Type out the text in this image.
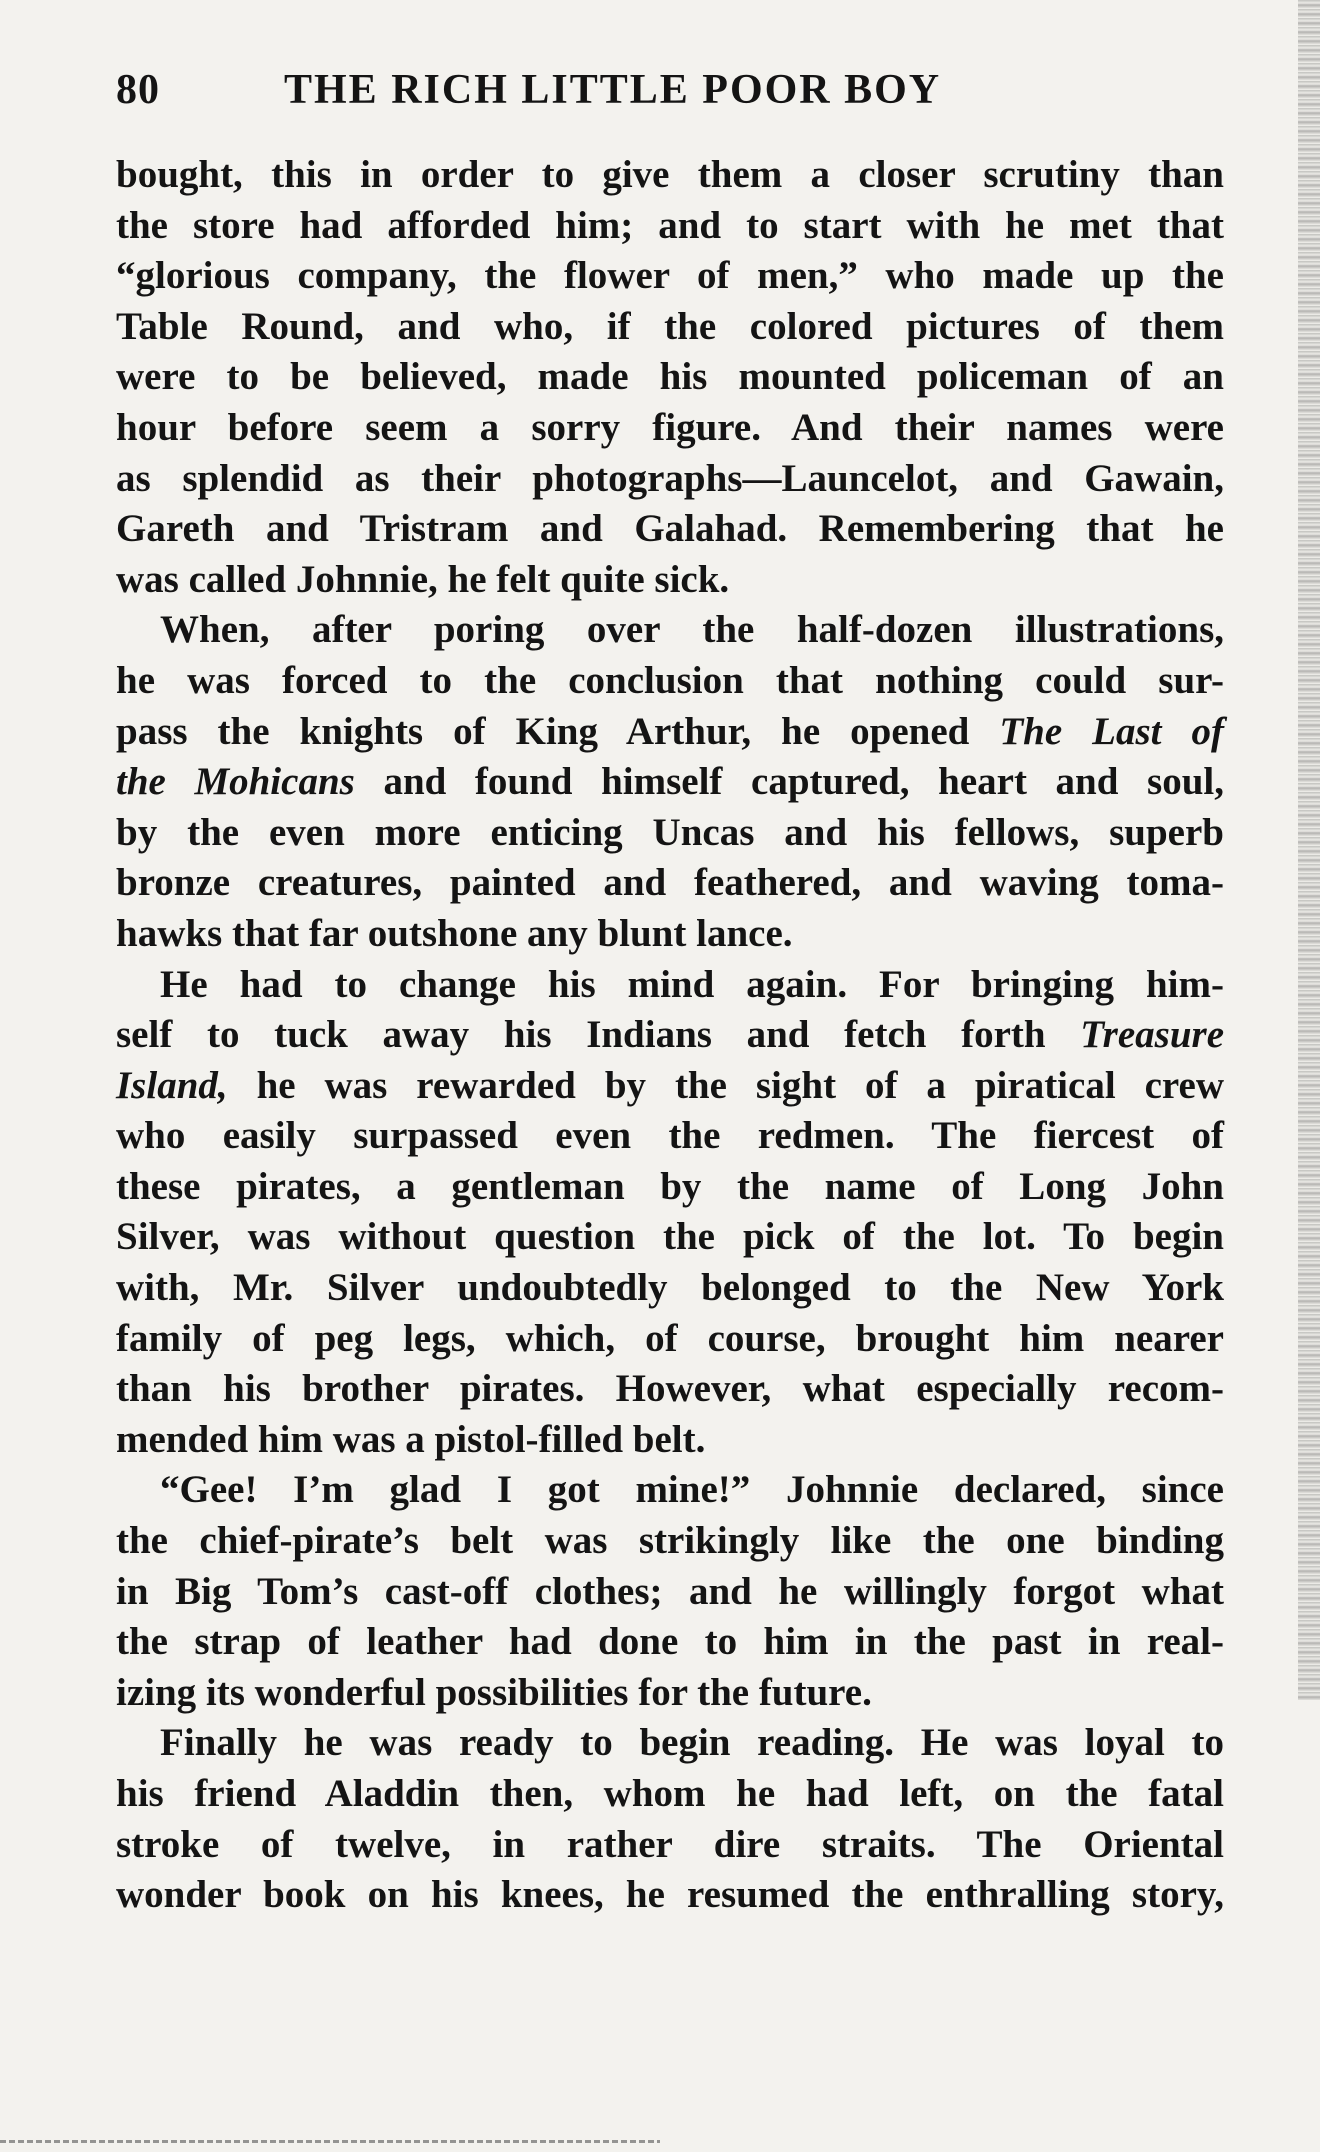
80	THE RICH LITTLE POOR BOY
bought, this in order to give them a closer scrutiny than
the store had afforded him; and to start with he met that
“glorious company, the flower of men,” who made up the
Table Round, and who, if the colored pictures of them
were to be believed, made his mounted policeman of an
hour before seem a sorry figure. And their names were
as splendid as their photographs—Launcelot, and Gawain,
Gareth and Tristram and Galahad. Remembering that he
was called Johnnie, he felt quite sick.
When, after poring over the half-dozen illustrations,
he was forced to the conclusion that nothing could sur-
pass the knights of King Arthur, he opened The Last of
the Mohicans and found himself captured, heart and soul,
by the even more enticing Uncas and his fellows, superb
bronze creatures, painted and feathered, and waving toma-
hawks that far outshone any blunt lance.
He had to change his mind again. For bringing him-
self to tuck away his Indians and fetch forth Treasure
Island, he was rewarded by the sight of a piratical crew
who easily surpassed even the redmen. The fiercest of
these pirates, a gentleman by the name of Long John
Silver, was without question the pick of the lot. To begin
with, Mr. Silver undoubtedly belonged to the New York
family of peg legs, which, of course, brought him nearer
than his brother pirates. However, what especially recom-
mended him was a pistol-filled belt.
“Gee! I’m glad I got mine!” Johnnie declared, since
the chief-pirate’s belt was strikingly like the one binding
in Big Tom’s cast-off clothes; and he willingly forgot what
the strap of leather had done to him in the past in real-
izing its wonderful possibilities for the future.
Finally he was ready to begin reading. He was loyal to
his friend Aladdin then, whom he had left, on the fatal
stroke of twelve, in rather dire straits. The Oriental
wonder book on his knees, he resumed the enthralling story,
